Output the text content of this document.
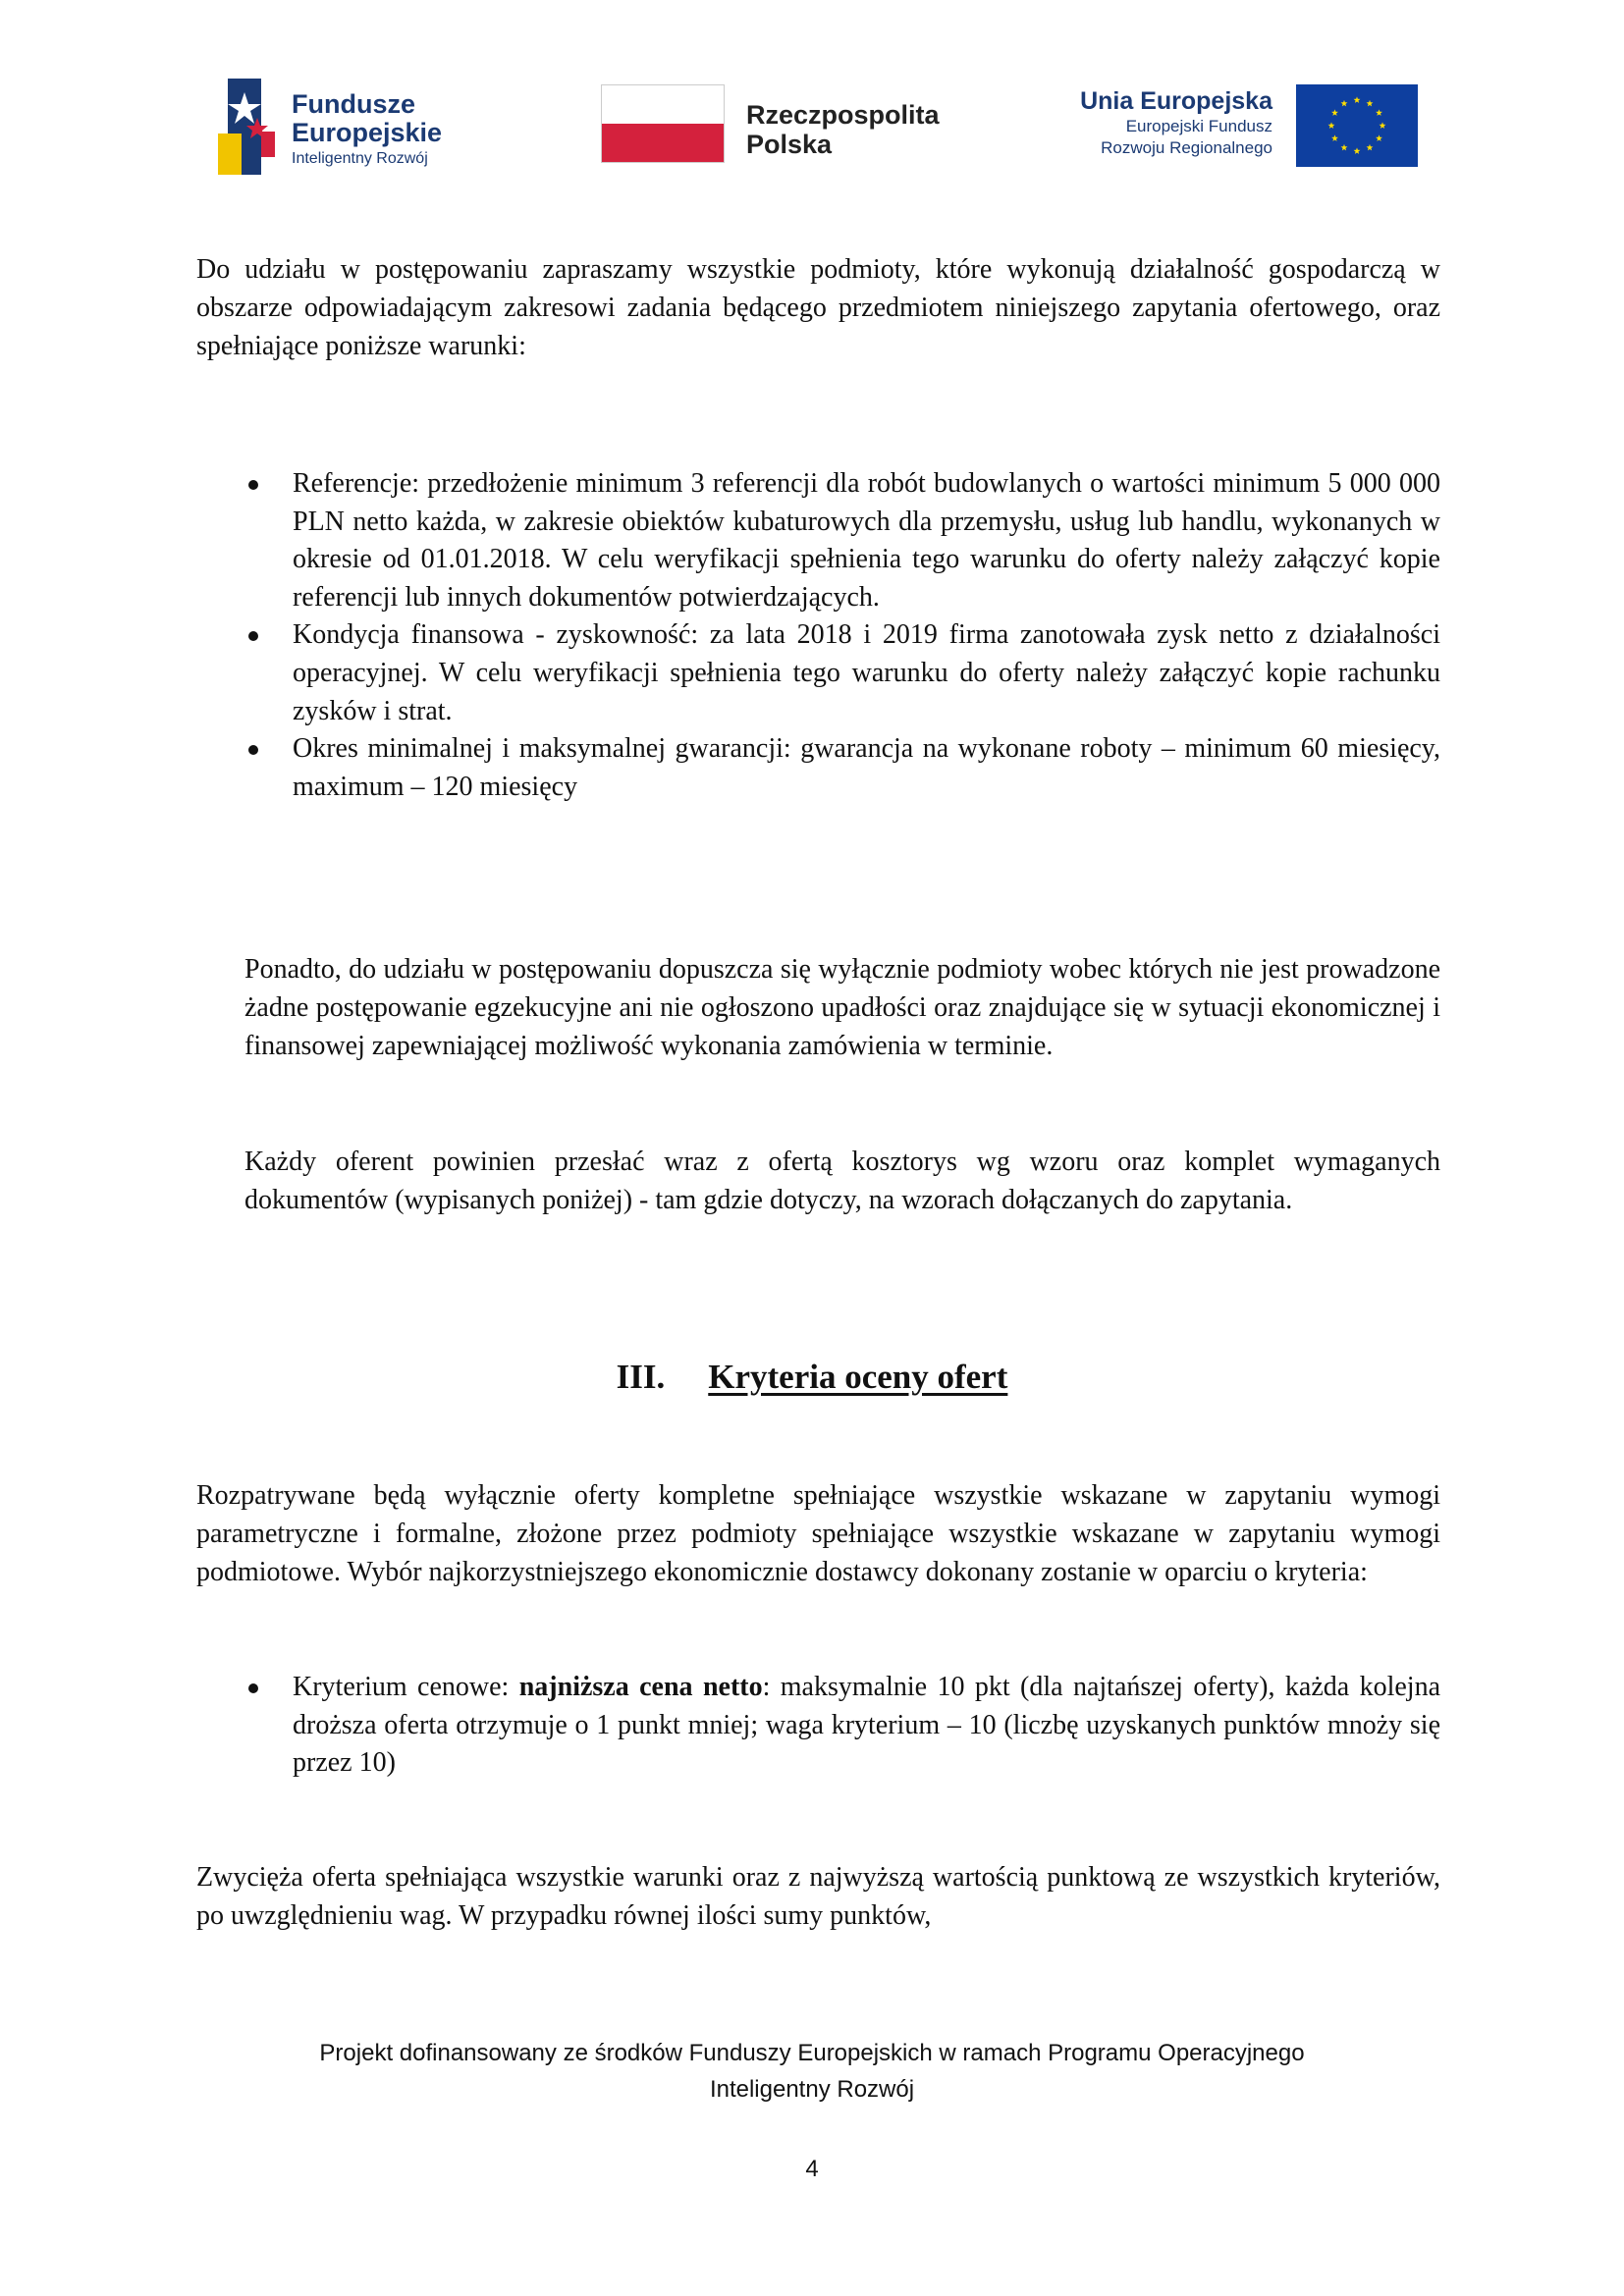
Fundusze
Europejskie
Inteligentny Rozwój
Rzeczpospolita
Polska
Unia Europejska
Europejski Fundusz
Rozwoju Regionalnego

Do udziału w postępowaniu zapraszamy wszystkie podmioty, które wykonują działalność gospodarczą w obszarze odpowiadającym zakresowi zadania będącego przedmiotem niniejszego zapytania ofertowego, oraz spełniające poniższe warunki:

Referencje: przedłożenie minimum 3 referencji dla robót budowlanych o wartości minimum 5 000 000 PLN netto każda, w zakresie obiektów kubaturowych dla przemysłu, usług lub handlu, wykonanych w okresie od 01.01.2018. W celu weryfikacji spełnienia tego warunku do oferty należy załączyć kopie referencji lub innych dokumentów potwierdzających.
Kondycja finansowa - zyskowność: za lata 2018 i 2019 firma zanotowała zysk netto z działalności operacyjnej. W celu weryfikacji spełnienia tego warunku do oferty należy załączyć kopie rachunku zysków i strat.
Okres minimalnej i maksymalnej gwarancji: gwarancja na wykonane roboty – minimum 60 miesięcy, maximum – 120 miesięcy

Ponadto, do udziału w postępowaniu dopuszcza się wyłącznie podmioty wobec których nie jest prowadzone żadne postępowanie egzekucyjne ani nie ogłoszono upadłości oraz znajdujące się w sytuacji ekonomicznej i finansowej zapewniającej możliwość wykonania zamówienia w terminie.

Każdy oferent powinien przesłać wraz z ofertą kosztorys wg wzoru oraz komplet wymaganych dokumentów (wypisanych poniżej) - tam gdzie dotyczy, na wzorach dołączanych do zapytania.

III. Kryteria oceny ofert

Rozpatrywane będą wyłącznie oferty kompletne spełniające wszystkie wskazane w zapytaniu wymogi parametryczne i formalne, złożone przez podmioty spełniające wszystkie wskazane w zapytaniu wymogi podmiotowe. Wybór najkorzystniejszego ekonomicznie dostawcy dokonany zostanie w oparciu o kryteria:

Kryterium cenowe: najniższa cena netto: maksymalnie 10 pkt (dla najtańszej oferty), każda kolejna droższa oferta otrzymuje o 1 punkt mniej; waga kryterium – 10 (liczbę uzyskanych punktów mnoży się przez 10)

Zwycięża oferta spełniająca wszystkie warunki oraz z najwyższą wartością punktową ze wszystkich kryteriów, po uwzględnieniu wag. W przypadku równej ilości sumy punktów,

Projekt dofinansowany ze środków Funduszy Europejskich w ramach Programu Operacyjnego
Inteligentny Rozwój
4
